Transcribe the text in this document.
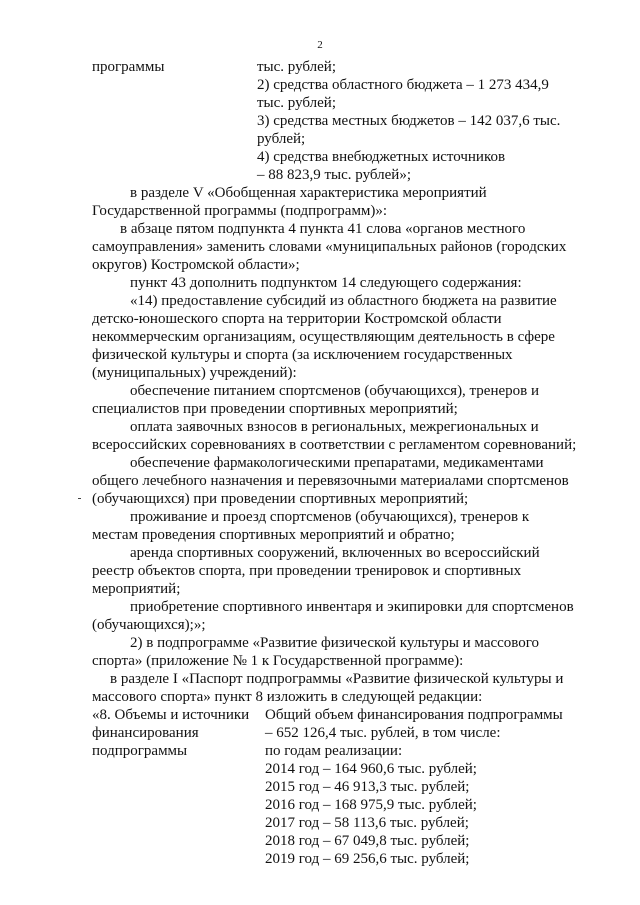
2
программы	тыс. рублей;
2) средства областного бюджета – 1 273 434,9
тыс. рублей;
3) средства местных бюджетов – 142 037,6 тыс.
рублей;
4) средства внебюджетных источников
– 88 823,9 тыс. рублей»;
в разделе V «Обобщенная характеристика мероприятий
Государственной программы (подпрограмм)»:
в абзаце пятом подпункта 4 пункта 41 слова «органов местного
самоуправления» заменить словами «муниципальных районов (городских
округов) Костромской области»;
пункт 43 дополнить подпунктом 14 следующего содержания:
«14) предоставление субсидий из областного бюджета на развитие
детско-юношеского спорта на территории Костромской области
некоммерческим организациям, осуществляющим деятельность в сфере
физической культуры и спорта (за исключением государственных
(муниципальных) учреждений):
обеспечение питанием спортсменов (обучающихся), тренеров и
специалистов при проведении спортивных мероприятий;
оплата заявочных взносов в региональных, межрегиональных и
всероссийских соревнованиях в соответствии с регламентом соревнований;
обеспечение фармакологическими препаратами, медикаментами
общего лечебного назначения и перевязочными материалами спортсменов
(обучающихся) при проведении спортивных мероприятий;
проживание и проезд спортсменов (обучающихся), тренеров к
местам проведения спортивных мероприятий и обратно;
аренда спортивных сооружений, включенных во всероссийский
реестр объектов спорта, при проведении тренировок и спортивных
мероприятий;
приобретение спортивного инвентаря и экипировки для спортсменов
(обучающихся);»;
2) в подпрограмме «Развитие физической культуры и массового
спорта» (приложение № 1 к Государственной программе):
в разделе I «Паспорт подпрограммы «Развитие физической культуры и
массового спорта» пункт 8 изложить в следующей редакции:
«8. Объемы и источники
финансирования
подпрограммы
Общий объем финансирования подпрограммы
– 652 126,4 тыс. рублей, в том числе:
по годам реализации:
2014 год – 164 960,6 тыс. рублей;
2015 год – 46 913,3 тыс. рублей;
2016 год – 168 975,9 тыс. рублей;
2017 год – 58 113,6 тыс. рублей;
2018 год – 67 049,8 тыс. рублей;
2019 год – 69 256,6 тыс. рублей;
